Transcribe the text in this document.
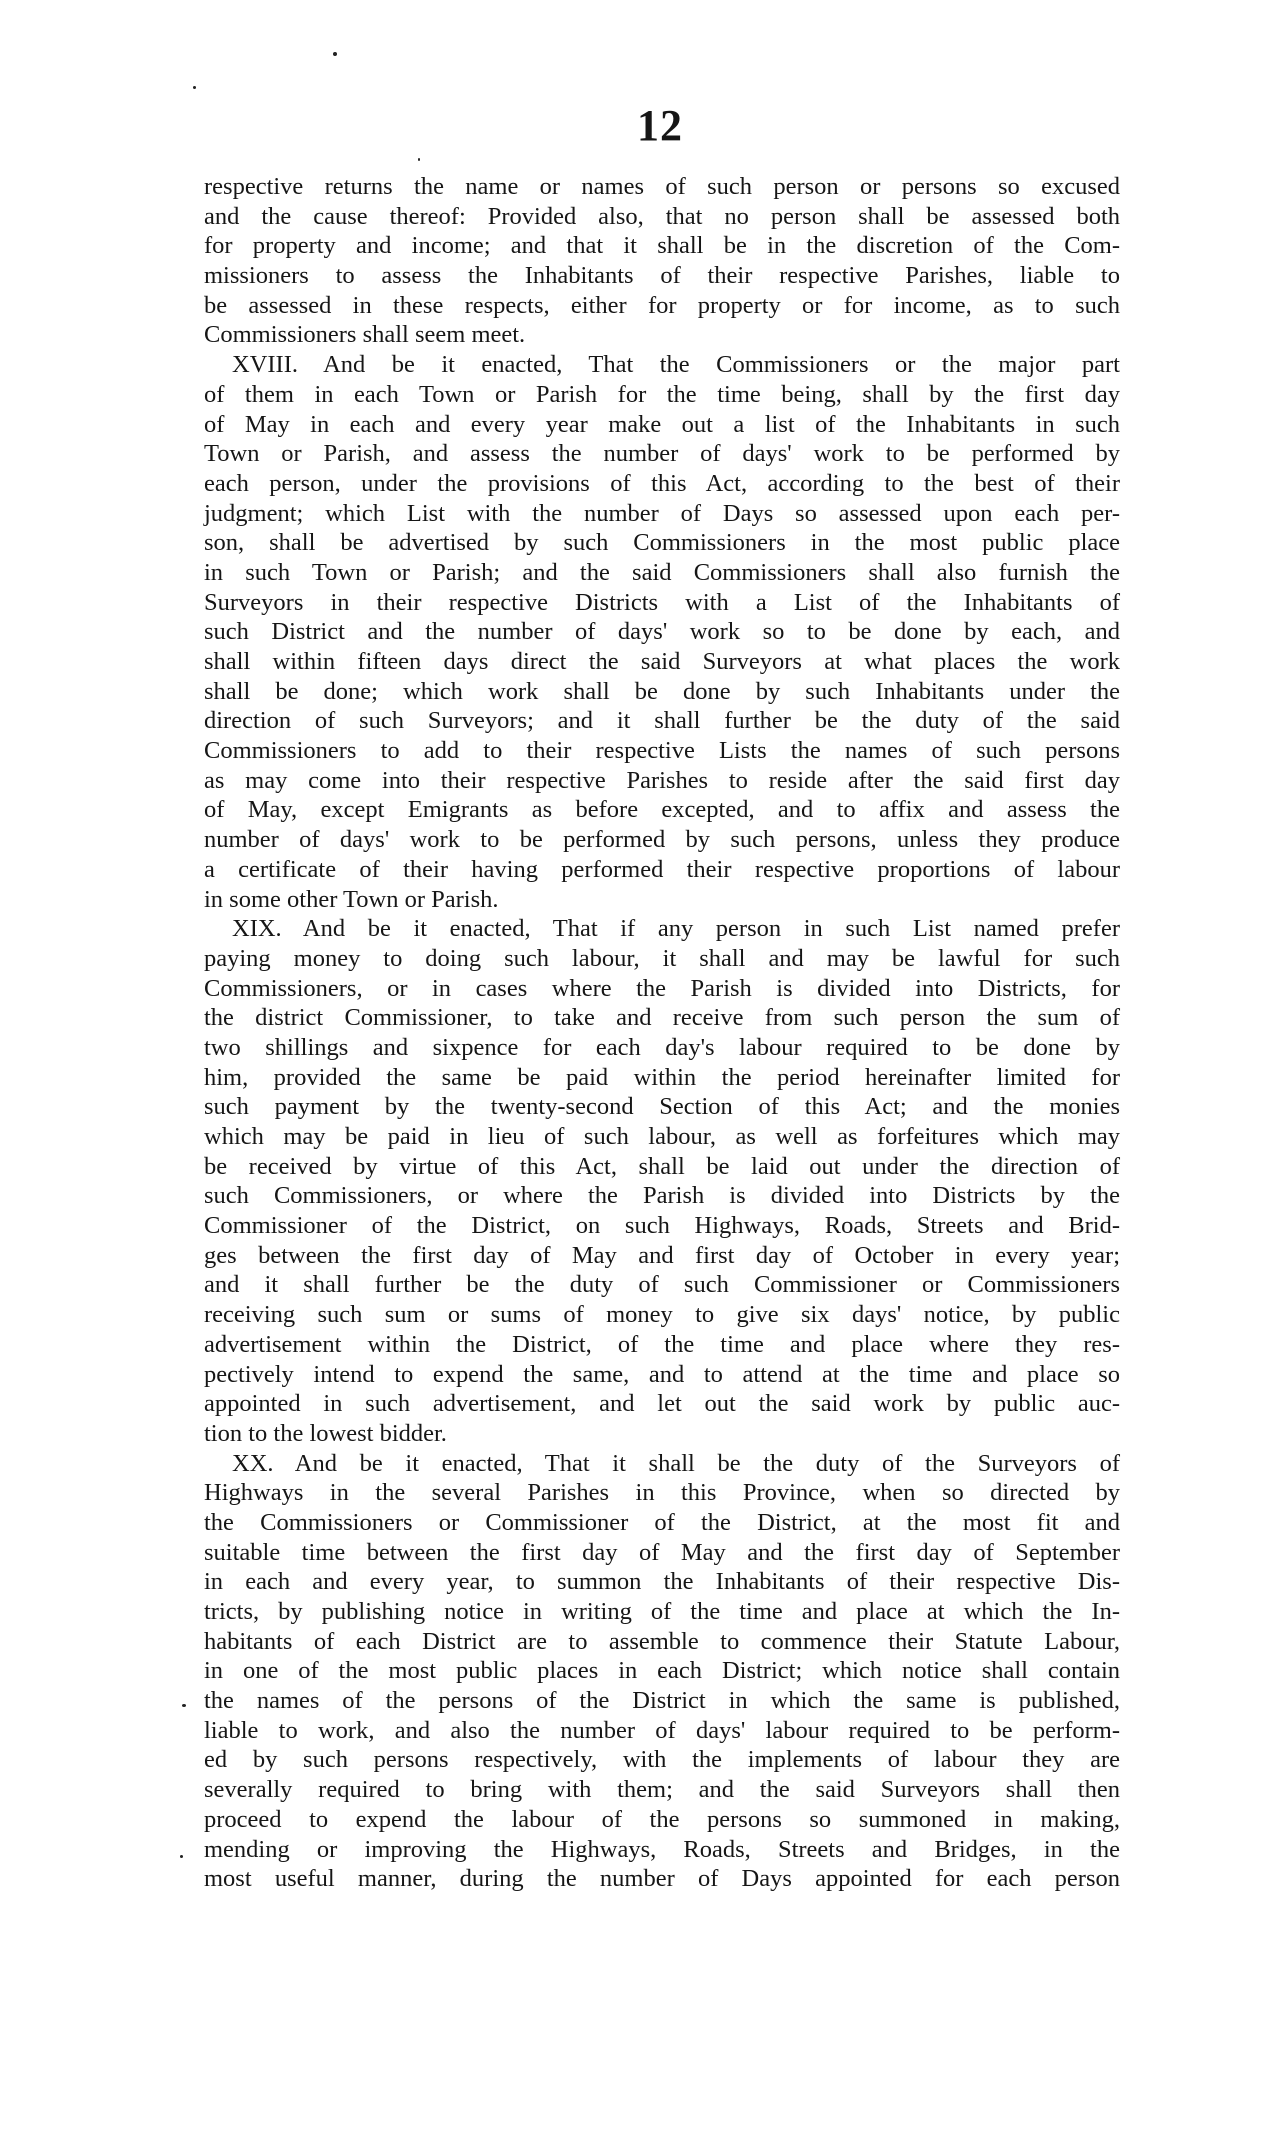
12
respective returns the name or names of such person or persons so excused
and the cause thereof: Provided also, that no person shall be assessed both
for property and income; and that it shall be in the discretion of the Com-
missioners to assess the Inhabitants of their respective Parishes, liable to
be assessed in these respects, either for property or for income, as to such
Commissioners shall seem meet.
XVIII. And be it enacted, That the Commissioners or the major part
of them in each Town or Parish for the time being, shall by the first day
of May in each and every year make out a list of the Inhabitants in such
Town or Parish, and assess the number of days' work to be performed by
each person, under the provisions of this Act, according to the best of their
judgment; which List with the number of Days so assessed upon each per-
son, shall be advertised by such Commissioners in the most public place
in such Town or Parish; and the said Commissioners shall also furnish the
Surveyors in their respective Districts with a List of the Inhabitants of
such District and the number of days' work so to be done by each, and
shall within fifteen days direct the said Surveyors at what places the work
shall be done; which work shall be done by such Inhabitants under the
direction of such Surveyors; and it shall further be the duty of the said
Commissioners to add to their respective Lists the names of such persons
as may come into their respective Parishes to reside after the said first day
of May, except Emigrants as before excepted, and to affix and assess the
number of days' work to be performed by such persons, unless they produce
a certificate of their having performed their respective proportions of labour
in some other Town or Parish.
XIX. And be it enacted, That if any person in such List named prefer
paying money to doing such labour, it shall and may be lawful for such
Commissioners, or in cases where the Parish is divided into Districts, for
the district Commissioner, to take and receive from such person the sum of
two shillings and sixpence for each day's labour required to be done by
him, provided the same be paid within the period hereinafter limited for
such payment by the twenty-second Section of this Act; and the monies
which may be paid in lieu of such labour, as well as forfeitures which may
be received by virtue of this Act, shall be laid out under the direction of
such Commissioners, or where the Parish is divided into Districts by the
Commissioner of the District, on such Highways, Roads, Streets and Brid-
ges between the first day of May and first day of October in every year;
and it shall further be the duty of such Commissioner or Commissioners
receiving such sum or sums of money to give six days' notice, by public
advertisement within the District, of the time and place where they res-
pectively intend to expend the same, and to attend at the time and place so
appointed in such advertisement, and let out the said work by public auc-
tion to the lowest bidder.
XX. And be it enacted, That it shall be the duty of the Surveyors of
Highways in the several Parishes in this Province, when so directed by
the Commissioners or Commissioner of the District, at the most fit and
suitable time between the first day of May and the first day of September
in each and every year, to summon the Inhabitants of their respective Dis-
tricts, by publishing notice in writing of the time and place at which the In-
habitants of each District are to assemble to commence their Statute Labour,
in one of the most public places in each District; which notice shall contain
the names of the persons of the District in which the same is published,
liable to work, and also the number of days' labour required to be perform-
ed by such persons respectively, with the implements of labour they are
severally required to bring with them; and the said Surveyors shall then
proceed to expend the labour of the persons so summoned in making,
mending or improving the Highways, Roads, Streets and Bridges, in the
most useful manner, during the number of Days appointed for each person
